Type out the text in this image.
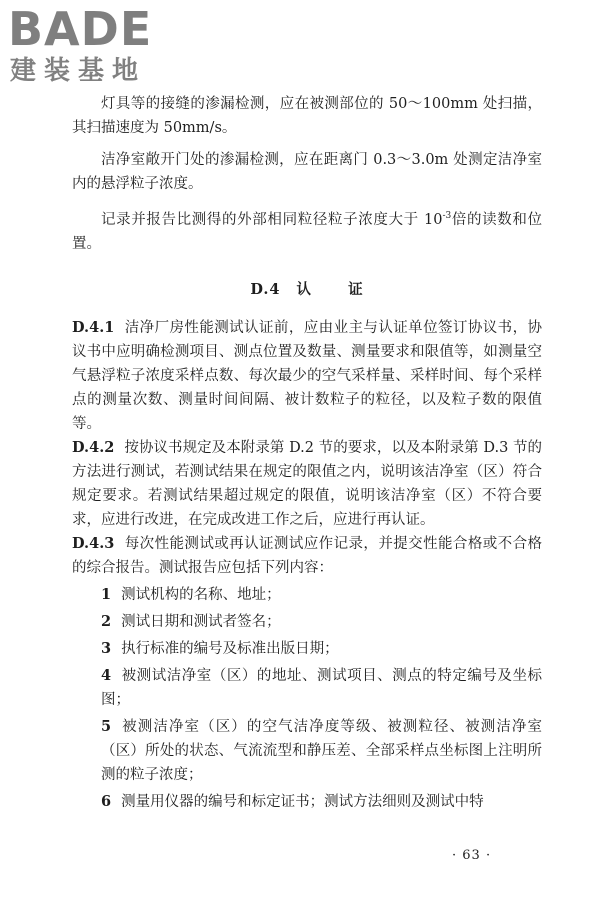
BADE
建装基地

灯具等的接缝的渗漏检测，应在被测部位的 50～100mm 处扫描，其扫描速度为 50mm/s。

洁净室敞开门处的渗漏检测，应在距离门 0.3～3.0m 处测定洁净室内的悬浮粒子浓度。

记录并报告比测得的外部相同粒径粒子浓度大于 $10^{-3}$倍的读数和位置。

D.4 认 证

D.4.1 洁净厂房性能测试认证前，应由业主与认证单位签订协议书，协议书中应明确检测项目、测点位置及数量、测量要求和限值等，如测量空气悬浮粒子浓度采样点数、每次最少的空气采样量、采样时间、每个采样点的测量次数、测量时间间隔、被计数粒子的粒径，以及粒子数的限值等。

D.4.2 按协议书规定及本附录第 D.2 节的要求，以及本附录第 D.3 节的方法进行测试，若测试结果在规定的限值之内，说明该洁净室（区）符合规定要求。若测试结果超过规定的限值，说明该洁净室（区）不符合要求，应进行改进，在完成改进工作之后，应进行再认证。

D.4.3 每次性能测试或再认证测试应作记录，并提交性能合格或不合格的综合报告。测试报告应包括下列内容：

1 测试机构的名称、地址；

2 测试日期和测试者签名；

3 执行标准的编号及标准出版日期；

4 被测试洁净室（区）的地址、测试项目、测点的特定编号及坐标图；

5 被测洁净室（区）的空气洁净度等级、被测粒径、被测洁净室（区）所处的状态、气流流型和静压差、全部采样点坐标图上注明所测的粒子浓度；

6 测量用仪器的编号和标定证书；测试方法细则及测试中特

· 63 ·
